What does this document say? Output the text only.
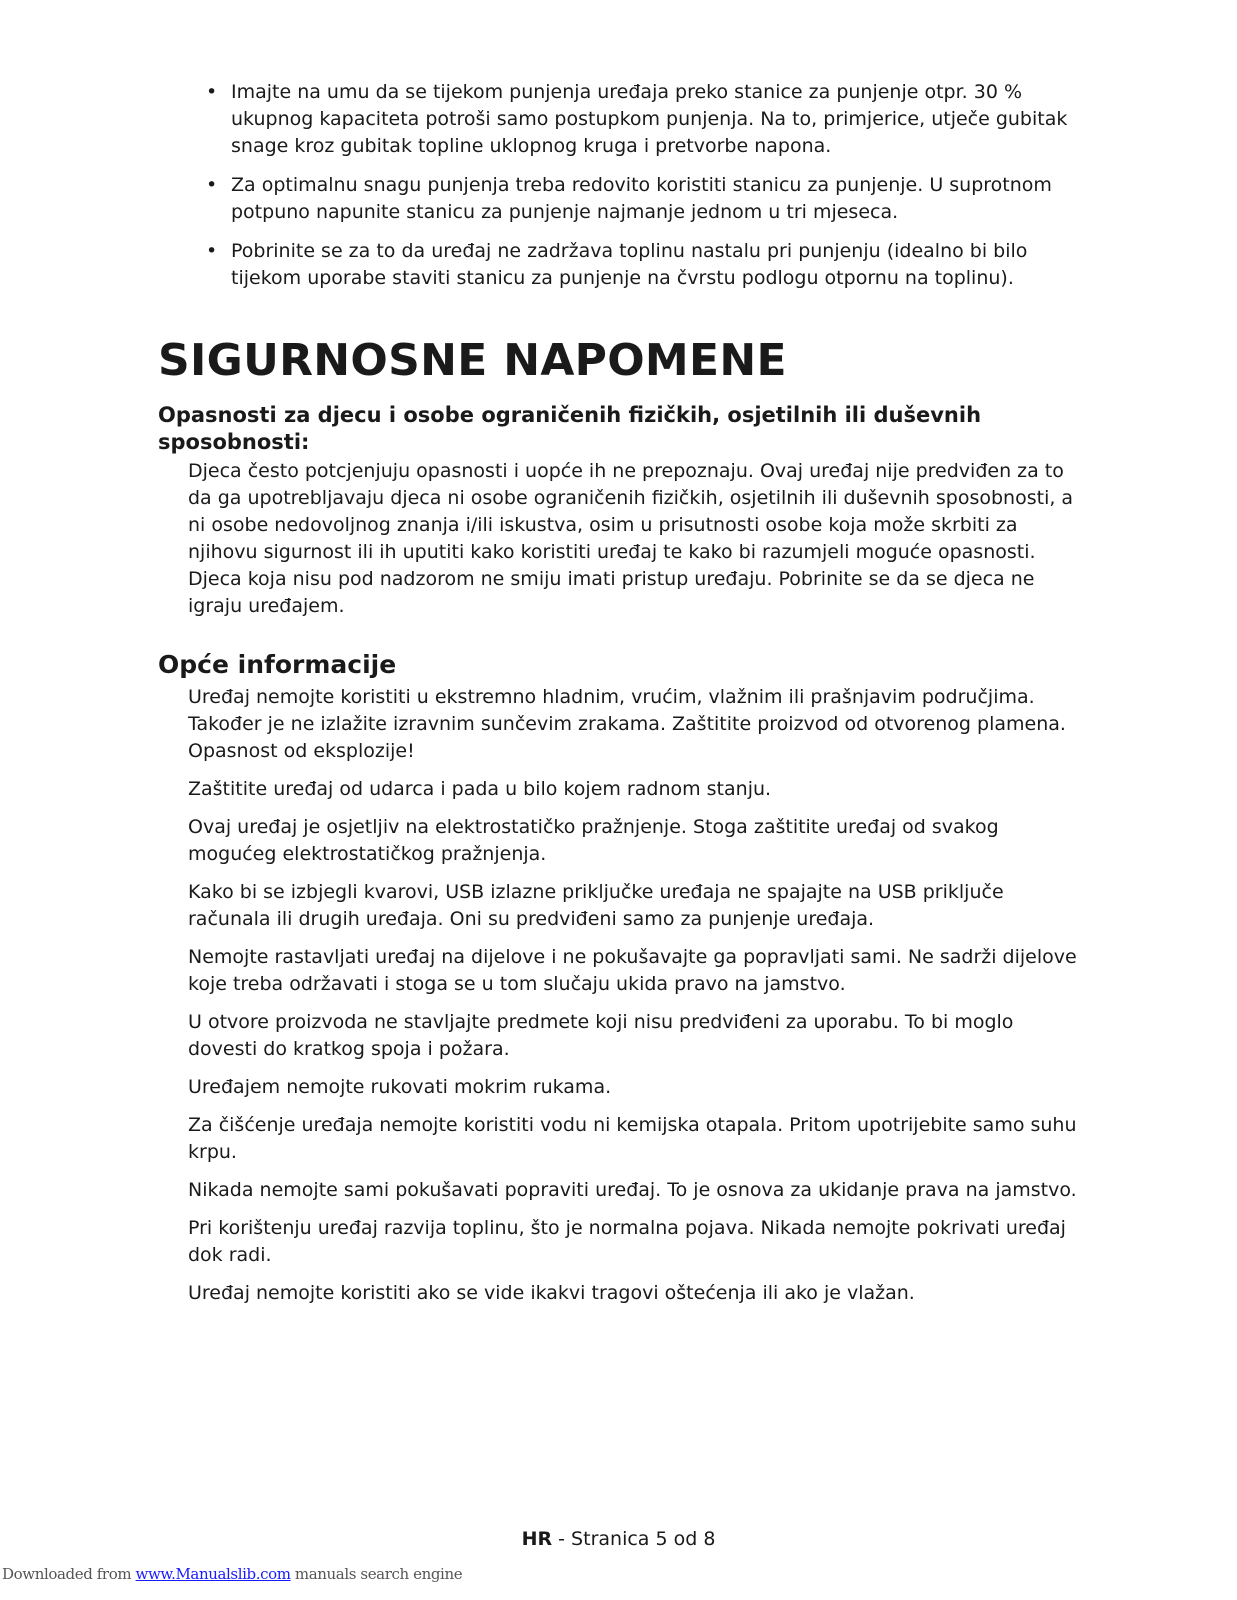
• Imajte na umu da se tijekom punjenja uređaja preko stanice za punjenje otpr. 30 % ukupnog kapaciteta potroši samo postupkom punjenja. Na to, primjerice, utječe gubitak snage kroz gubitak topline uklopnog kruga i pretvorbe napona.
• Za optimalnu snagu punjenja treba redovito koristiti stanicu za punjenje. U suprotnom potpuno napunite stanicu za punjenje najmanje jednom u tri mjeseca.
• Pobrinite se za to da uređaj ne zadržava toplinu nastalu pri punjenju (idealno bi bilo tijekom uporabe staviti stanicu za punjenje na čvrstu podlogu otpornu na toplinu).
SIGURNOSNE NAPOMENE
Opasnosti za djecu i osobe ograničenih fizičkih, osjetilnih ili duševnih sposobnosti:

Djeca često potcjenjuju opasnosti i uopće ih ne prepoznaju. Ovaj uređaj nije predviđen za to da ga upotrebljavaju djeca ni osobe ograničenih fizičkih, osjetilnih ili duševnih sposobnosti, a ni osobe nedovoljnog znanja i/ili iskustva, osim u prisutnosti osobe koja može skrbiti za njihovu sigurnost ili ih uputiti kako koristiti uređaj te kako bi razumjeli moguće opasnosti. Djeca koja nisu pod nadzorom ne smiju imati pristup uređaju. Pobrinite se da se djeca ne igraju uređajem.

Opće informacije

Uređaj nemojte koristiti u ekstremno hladnim, vrućim, vlažnim ili prašnjavim područjima. Također je ne izlažite izravnim sunčevim zrakama. Zaštitite proizvod od otvorenog plamena. Opasnost od eksplozije!

Zaštitite uređaj od udarca i pada u bilo kojem radnom stanju.

Ovaj uređaj je osjetljiv na elektrostatičko pražnjenje. Stoga zaštitite uređaj od svakog mogućeg elektrostatičkog pražnjenja.

Kako bi se izbjegli kvarovi, USB izlazne priključke uređaja ne spajajte na USB priključe računala ili drugih uređaja. Oni su predviđeni samo za punjenje uređaja.

Nemojte rastavljati uređaj na dijelove i ne pokušavajte ga popravljati sami. Ne sadrži dijelove koje treba održavati i stoga se u tom slučaju ukida pravo na jamstvo.

U otvore proizvoda ne stavljajte predmete koji nisu predviđeni za uporabu. To bi moglo dovesti do kratkog spoja i požara.

Uređajem nemojte rukovati mokrim rukama.

Za čišćenje uređaja nemojte koristiti vodu ni kemijska otapala. Pritom upotrijebite samo suhu krpu.

Nikada nemojte sami pokušavati popraviti uređaj. To je osnova za ukidanje prava na jamstvo.

Pri korištenju uređaj razvija toplinu, što je normalna pojava. Nikada nemojte pokrivati uređaj dok radi.

Uređaj nemojte koristiti ako se vide ikakvi tragovi oštećenja ili ako je vlažan.

HR - Stranica 5 od 8
Downloaded from www.Manualslib.com manuals search engine
